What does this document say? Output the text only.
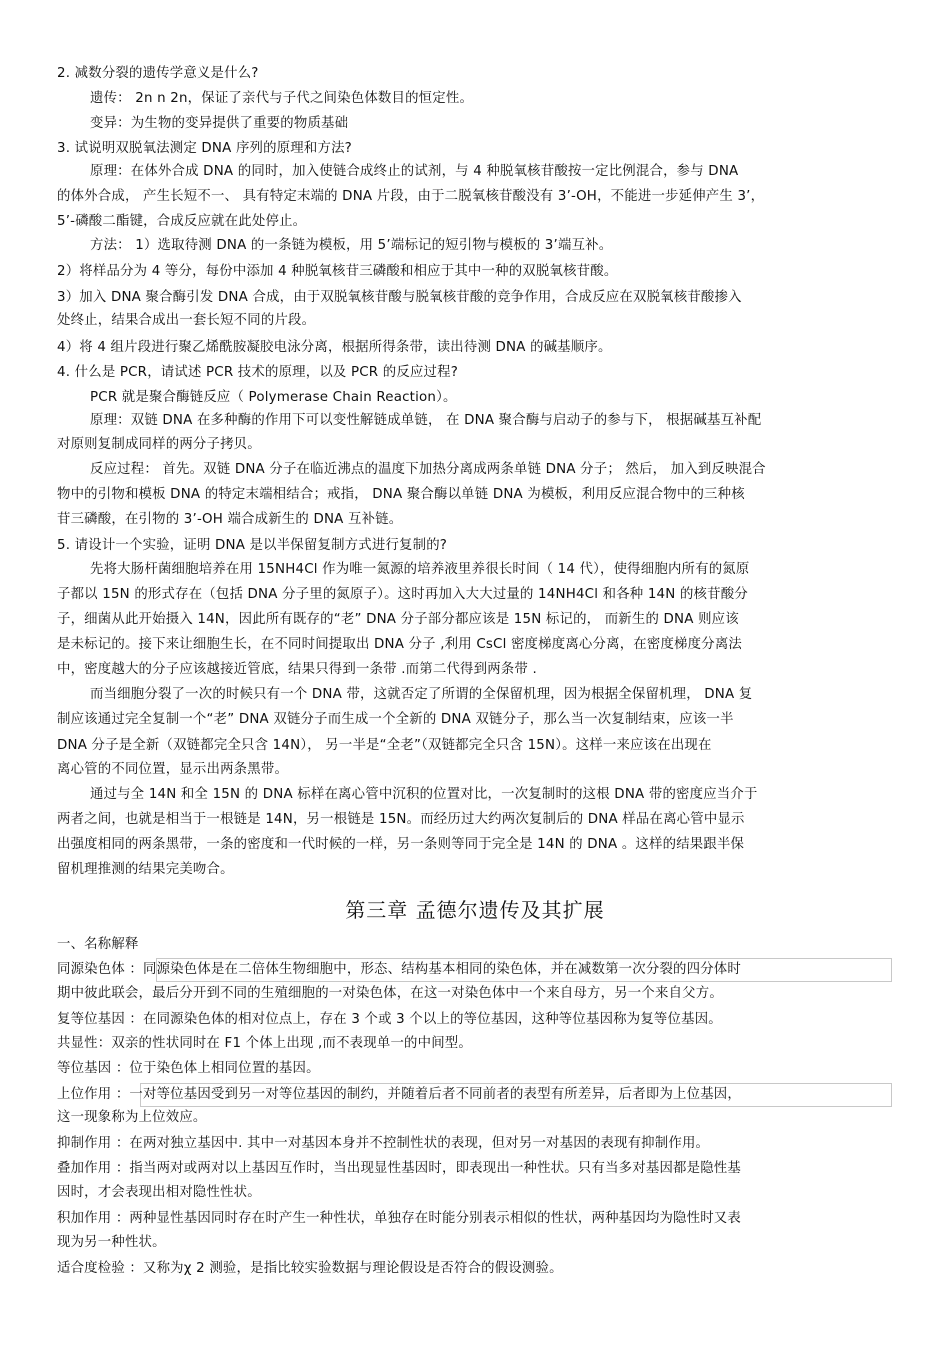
2. 减数分裂的遗传学意义是什么?
遗传： 2n n 2n，保证了亲代与子代之间染色体数目的恒定性。
变异：为生物的变异提供了重要的物质基础
3. 试说明双脱氧法测定 DNA 序列的原理和方法?
原理：在体外合成 DNA 的同时，加入使链合成终止的试剂，与 4 种脱氧核苷酸按一定比例混合，参与 DNA
的体外合成， 产生长短不一、 具有特定末端的 DNA 片段，由于二脱氧核苷酸没有 3’-OH，不能进一步延伸产生 3’，
5’-磷酸二酯键，合成反应就在此处停止。
方法： 1）选取待测 DNA 的一条链为模板，用 5’端标记的短引物与模板的 3’端互补。
2）将样品分为 4 等分，每份中添加 4 种脱氧核苷三磷酸和相应于其中一种的双脱氧核苷酸。
3）加入 DNA 聚合酶引发 DNA 合成，由于双脱氧核苷酸与脱氧核苷酸的竞争作用，合成反应在双脱氧核苷酸掺入
处终止，结果合成出一套长短不同的片段。
4）将 4 组片段进行聚乙烯酰胺凝胶电泳分离，根据所得条带，读出待测 DNA 的碱基顺序。
4. 什么是 PCR，请试述 PCR 技术的原理，以及 PCR 的反应过程?
PCR 就是聚合酶链反应（ Polymerase Chain Reaction）。
原理：双链 DNA 在多种酶的作用下可以变性解链成单链， 在 DNA 聚合酶与启动子的参与下， 根据碱基互补配
对原则复制成同样的两分子拷贝。
反应过程： 首先。双链 DNA 分子在临近沸点的温度下加热分离成两条单链 DNA 分子； 然后， 加入到反映混合
物中的引物和模板 DNA 的特定末端相结合；戒指， DNA 聚合酶以单链 DNA 为模板，利用反应混合物中的三种核
苷三磷酸，在引物的 3’-OH 端合成新生的 DNA 互补链。
5. 请设计一个实验，证明 DNA 是以半保留复制方式进行复制的?
先将大肠杆菌细胞培养在用 15NH4Cl 作为唯一氮源的培养液里养很长时间（ 14 代），使得细胞内所有的氮原
子都以 15N 的形式存在（包括 DNA 分子里的氮原子）。这时再加入大大过量的 14NH4Cl 和各种 14N 的核苷酸分
子，细菌从此开始摄入 14N，因此所有既存的“老” DNA 分子部分都应该是 15N 标记的， 而新生的 DNA 则应该
是未标记的。接下来让细胞生长，在不同时间提取出 DNA 分子 ,利用 CsCl 密度梯度离心分离，在密度梯度分离法
中，密度越大的分子应该越接近管底，结果只得到一条带 .而第二代得到两条带 .
而当细胞分裂了一次的时候只有一个 DNA 带，这就否定了所谓的全保留机理，因为根据全保留机理， DNA 复
制应该通过完全复制一个“老” DNA 双链分子而生成一个全新的 DNA 双链分子，那么当一次复制结束，应该一半
DNA 分子是全新（双链都完全只含 14N）， 另一半是“全老”（双链都完全只含 15N）。这样一来应该在出现在
离心管的不同位置，显示出两条黑带。
通过与全 14N 和全 15N 的 DNA 标样在离心管中沉积的位置对比，一次复制时的这根 DNA 带的密度应当介于
两者之间，也就是相当于一根链是 14N，另一根链是 15N。而经历过大约两次复制后的 DNA 样品在离心管中显示
出强度相同的两条黑带，一条的密度和一代时候的一样，另一条则等同于完全是 14N 的 DNA 。这样的结果跟半保
留机理推测的结果完美吻合。
第三章 孟德尔遗传及其扩展
一、名称解释
同源染色体 ：同源染色体是在二倍体生物细胞中，形态、结构基本相同的染色体，并在减数第一次分裂的四分体时
期中彼此联会，最后分开到不同的生殖细胞的一对染色体，在这一对染色体中一个来自母方，另一个来自父方。
复等位基因 ：在同源染色体的相对位点上，存在 3 个或 3 个以上的等位基因，这种等位基因称为复等位基因。
共显性：双亲的性状同时在 F1 个体上出现 ,而不表现单一的中间型。
等位基因 ：位于染色体上相同位置的基因。
上位作用 ：一对等位基因受到另一对等位基因的制约，并随着后者不同前者的表型有所差异，后者即为上位基因，
这一现象称为上位效应。
抑制作用 ：在两对独立基因中. 其中一对基因本身并不控制性状的表现，但对另一对基因的表现有抑制作用。
叠加作用 ：指当两对或两对以上基因互作时，当出现显性基因时，即表现出一种性状。只有当多对基因都是隐性基
因时，才会表现出相对隐性性状。
积加作用 ：两种显性基因同时存在时产生一种性状，单独存在时能分别表示相似的性状，两种基因均为隐性时又表
现为另一种性状。
适合度检验 ：又称为χ 2 测验，是指比较实验数据与理论假设是否符合的假设测验。
